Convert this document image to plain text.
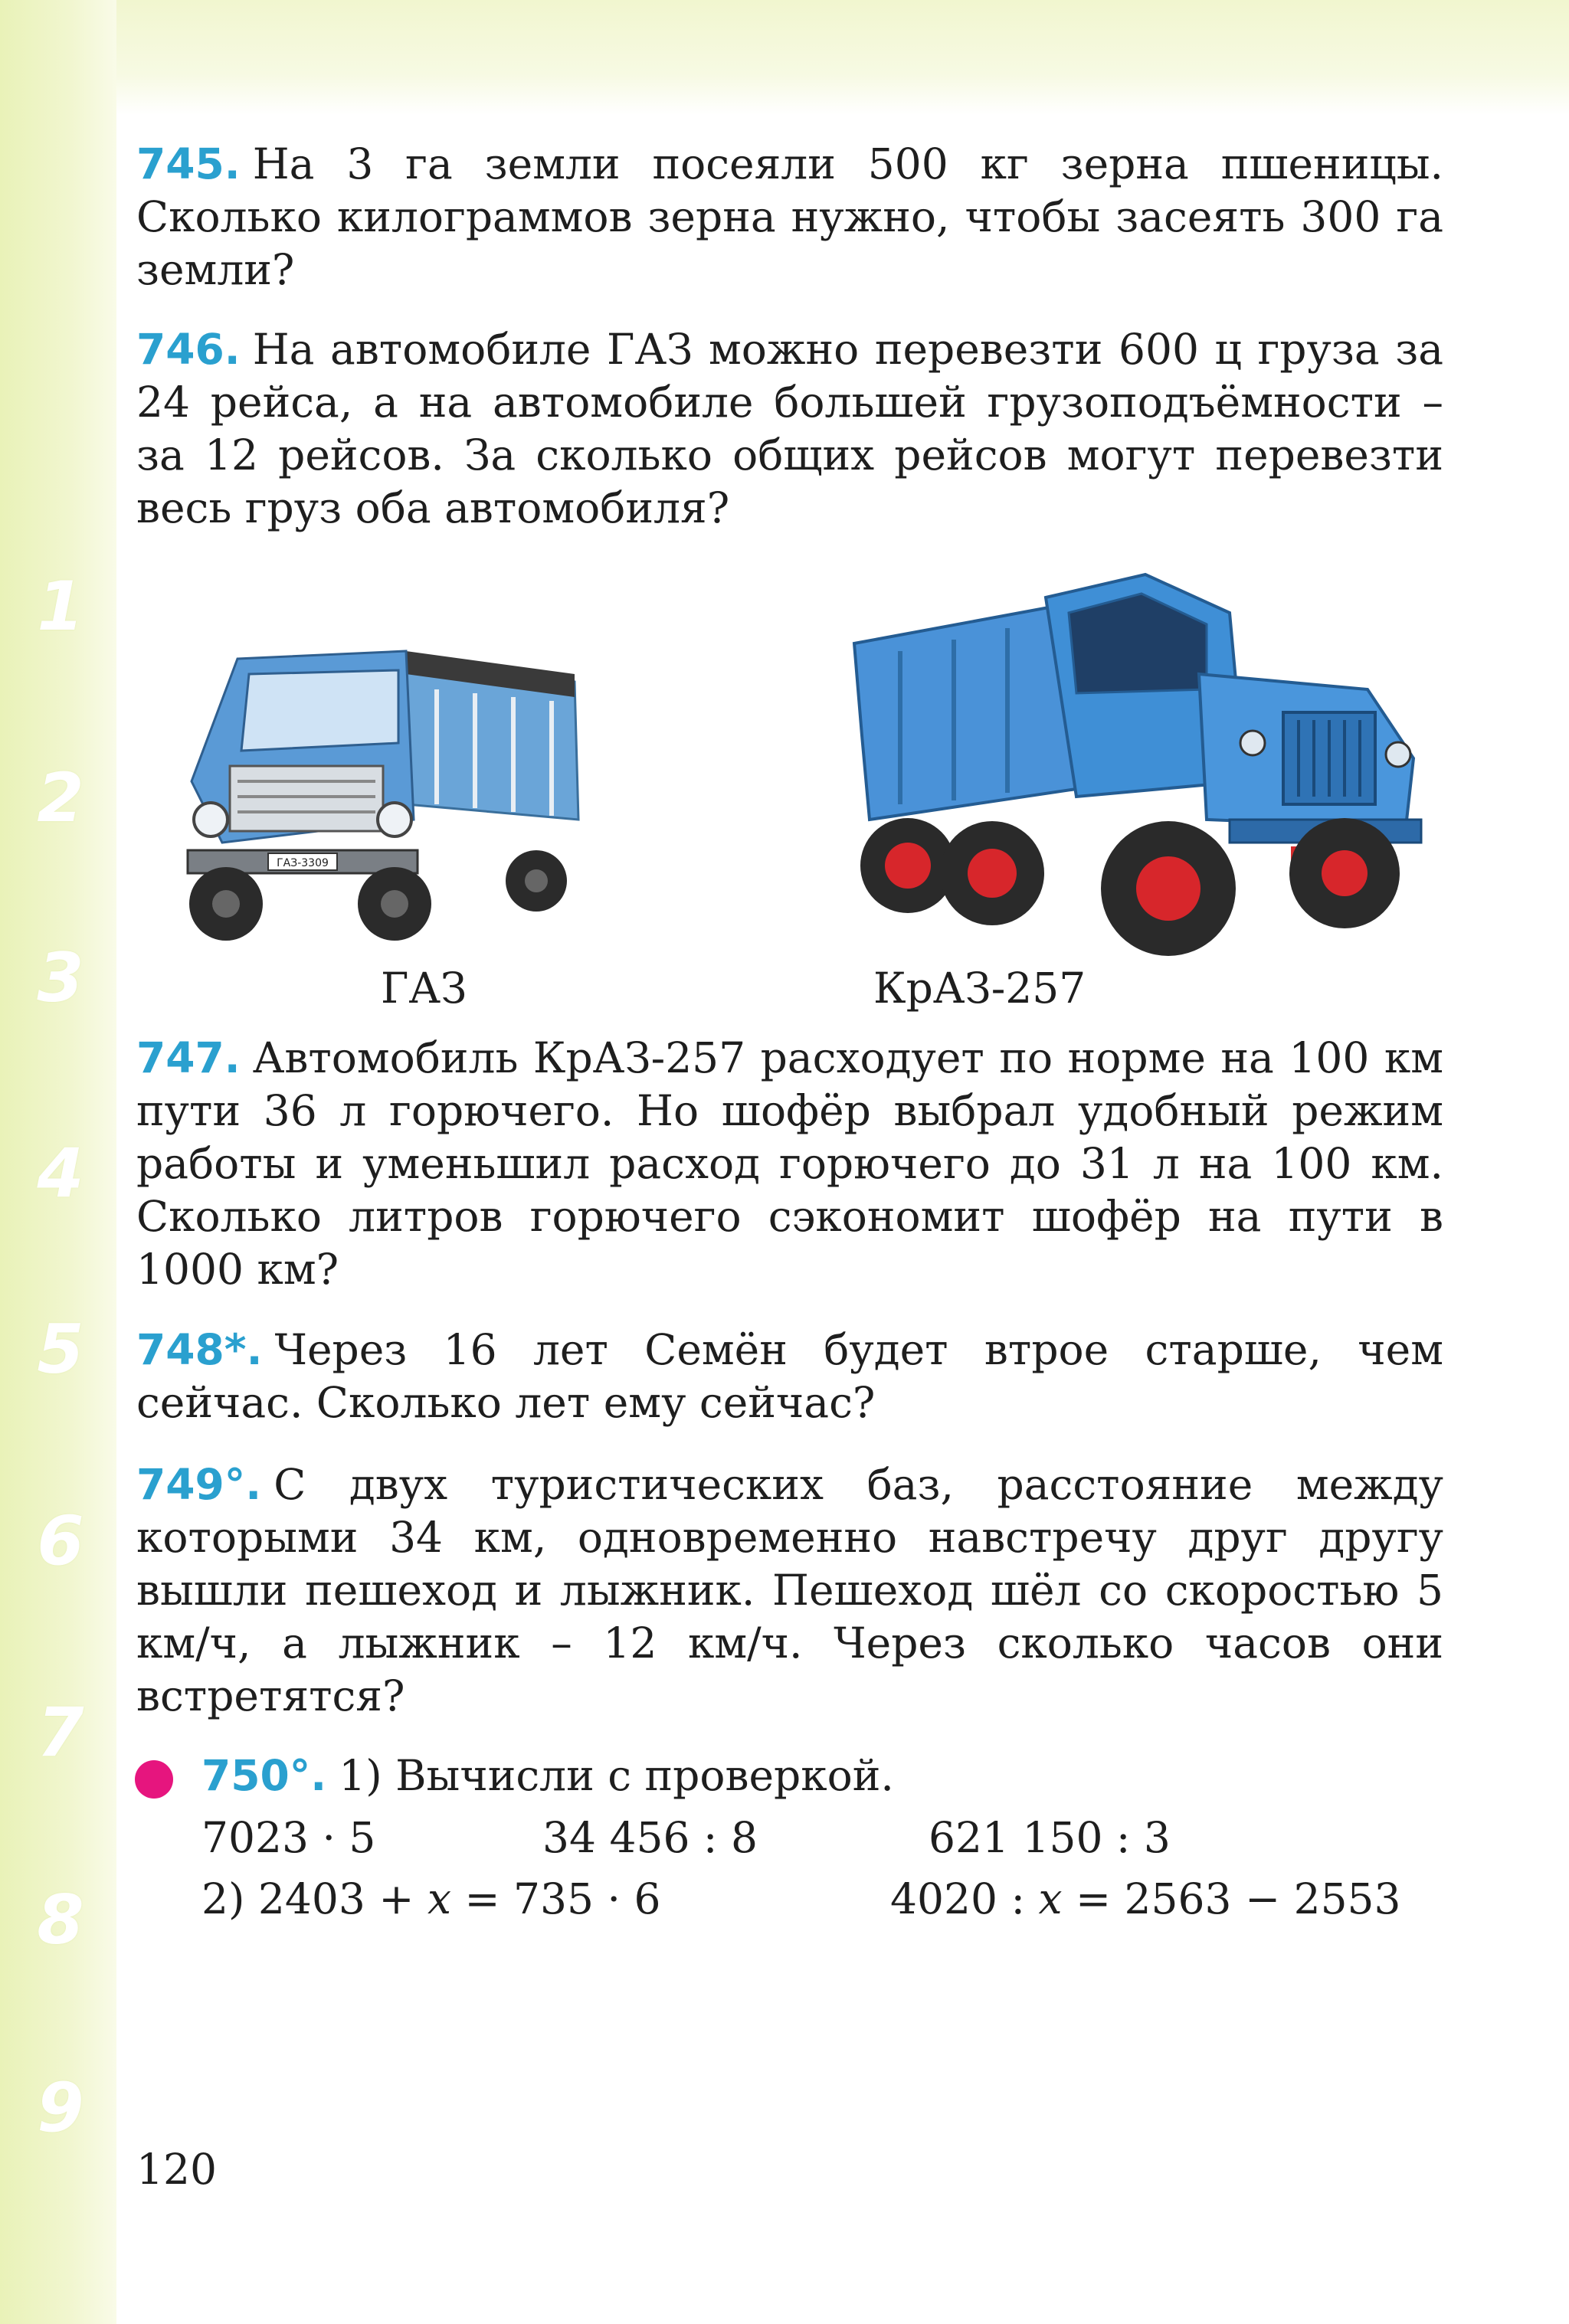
1
2
3
4
5
6
7
8
9
745. На 3 га земли посеяли 500 кг зерна пшеницы. Сколько килограммов зерна нужно, чтобы засеять 300 га земли?
746. На автомобиле ГАЗ можно перевезти 600 ц груза за 24 рейса, а на автомобиле большей грузоподъёмности – за 12 рейсов. За сколько общих рейсов могут перевезти весь груз оба автомобиля?
ГАЗ-3309
ГАЗ	КрАЗ-257
747. Автомобиль КрАЗ-257 расходует по норме на 100 км пути 36 л горючего. Но шофёр выбрал удобный режим работы и уменьшил расход горючего до 31 л на 100 км. Сколько литров горючего сэкономит шофёр на пути в 1000 км?
748*. Через 16 лет Семён будет втрое старше, чем сейчас. Сколько лет ему сейчас?
749°. С двух туристических баз, расстояние между которыми 34 км, одновременно навстречу друг другу вышли пешеход и лыжник. Пешеход шёл со скоростью 5 км/ч, а лыжник – 12 км/ч. Через сколько часов они встретятся?
750°. 1) Вычисли с проверкой.
7023 · 5	34 456 : 8	621 150 : 3
2) 2403 + x = 735 · 6	4020 : x = 2563 − 2553
120
